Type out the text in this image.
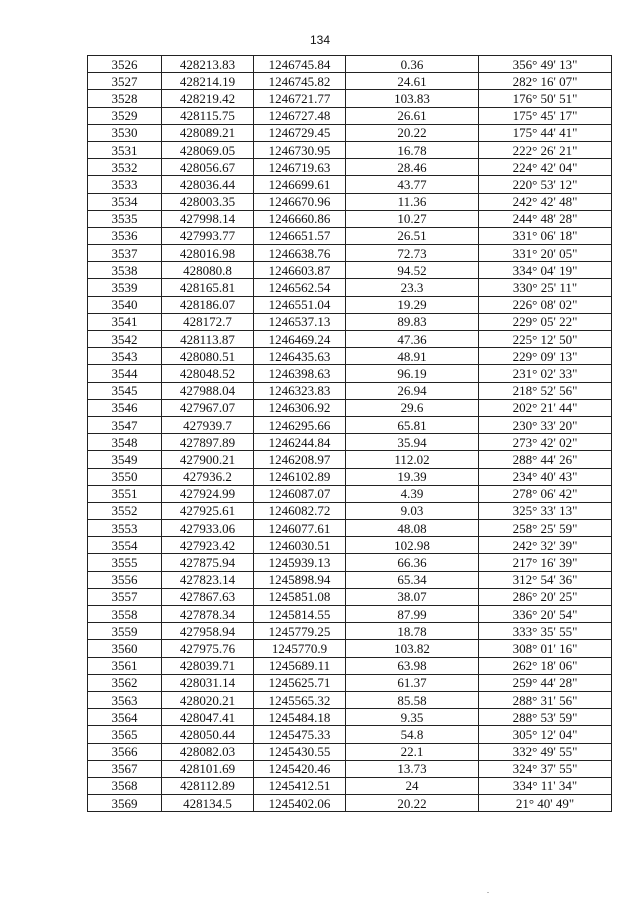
134
3526	428213.83	1246745.84	0.36	356° 49' 13"
3527	428214.19	1246745.82	24.61	282° 16' 07"
3528	428219.42	1246721.77	103.83	176° 50' 51"
3529	428115.75	1246727.48	26.61	175° 45' 17"
3530	428089.21	1246729.45	20.22	175° 44' 41"
3531	428069.05	1246730.95	16.78	222° 26' 21"
3532	428056.67	1246719.63	28.46	224° 42' 04"
3533	428036.44	1246699.61	43.77	220° 53' 12"
3534	428003.35	1246670.96	11.36	242° 42' 48"
3535	427998.14	1246660.86	10.27	244° 48' 28"
3536	427993.77	1246651.57	26.51	331° 06' 18"
3537	428016.98	1246638.76	72.73	331° 20' 05"
3538	428080.8	1246603.87	94.52	334° 04' 19"
3539	428165.81	1246562.54	23.3	330° 25' 11"
3540	428186.07	1246551.04	19.29	226° 08' 02"
3541	428172.7	1246537.13	89.83	229° 05' 22"
3542	428113.87	1246469.24	47.36	225° 12' 50"
3543	428080.51	1246435.63	48.91	229° 09' 13"
3544	428048.52	1246398.63	96.19	231° 02' 33"
3545	427988.04	1246323.83	26.94	218° 52' 56"
3546	427967.07	1246306.92	29.6	202° 21' 44"
3547	427939.7	1246295.66	65.81	230° 33' 20"
3548	427897.89	1246244.84	35.94	273° 42' 02"
3549	427900.21	1246208.97	112.02	288° 44' 26"
3550	427936.2	1246102.89	19.39	234° 40' 43"
3551	427924.99	1246087.07	4.39	278° 06' 42"
3552	427925.61	1246082.72	9.03	325° 33' 13"
3553	427933.06	1246077.61	48.08	258° 25' 59"
3554	427923.42	1246030.51	102.98	242° 32' 39"
3555	427875.94	1245939.13	66.36	217° 16' 39"
3556	427823.14	1245898.94	65.34	312° 54' 36"
3557	427867.63	1245851.08	38.07	286° 20' 25"
3558	427878.34	1245814.55	87.99	336° 20' 54"
3559	427958.94	1245779.25	18.78	333° 35' 55"
3560	427975.76	1245770.9	103.82	308° 01' 16"
3561	428039.71	1245689.11	63.98	262° 18' 06"
3562	428031.14	1245625.71	61.37	259° 44' 28"
3563	428020.21	1245565.32	85.58	288° 31' 56"
3564	428047.41	1245484.18	9.35	288° 53' 59"
3565	428050.44	1245475.33	54.8	305° 12' 04"
3566	428082.03	1245430.55	22.1	332° 49' 55"
3567	428101.69	1245420.46	13.73	324° 37' 55"
3568	428112.89	1245412.51	24	334° 11' 34"
3569	428134.5	1245402.06	20.22	21° 40' 49"
